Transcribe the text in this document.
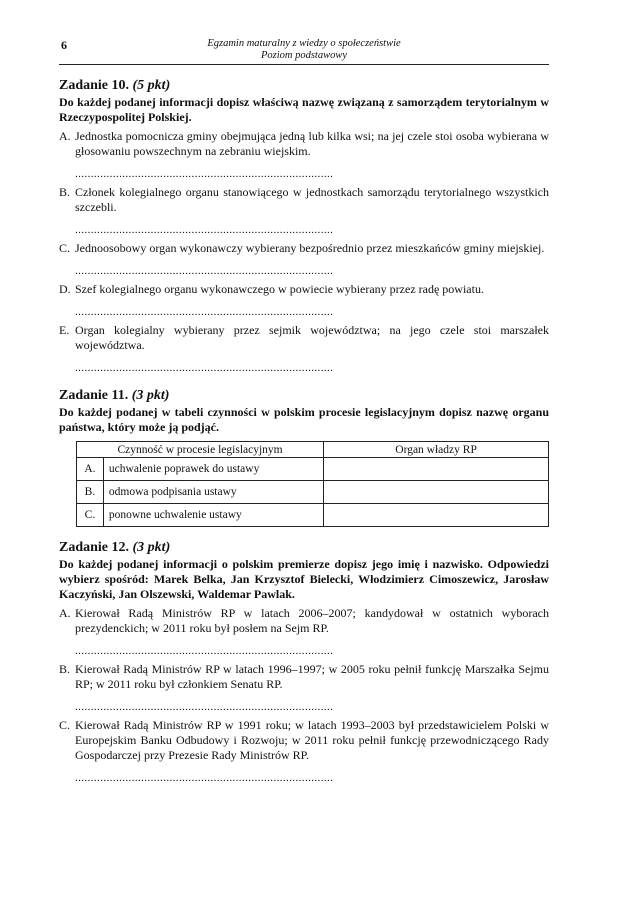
6	Egzamin maturalny z wiedzy o społeczeństwie
Poziom podstawowy
Zadanie 10. (5 pkt)
Do każdej podanej informacji dopisz właściwą nazwę związaną z samorządem terytorialnym w Rzeczypospolitej Polskiej.
A. Jednostka pomocnicza gminy obejmująca jedną lub kilka wsi; na jej czele stoi osoba wybierana w głosowaniu powszechnym na zebraniu wiejskim.
..................................................................................
B. Członek kolegialnego organu stanowiącego w jednostkach samorządu terytorialnego wszystkich szczebli.
..................................................................................
C. Jednoosobowy organ wykonawczy wybierany bezpośrednio przez mieszkańców gminy miejskiej.
..................................................................................
D. Szef kolegialnego organu wykonawczego w powiecie wybierany przez radę powiatu.
..................................................................................
E. Organ kolegialny wybierany przez sejmik województwa; na jego czele stoi marszałek województwa.
..................................................................................
Zadanie 11. (3 pkt)
Do każdej podanej w tabeli czynności w polskim procesie legislacyjnym dopisz nazwę organu państwa, który może ją podjąć.
Czynność w procesie legislacyjnym		Organ władzy RP
A.	uchwalenie poprawek do ustawy	
B.	odmowa podpisania ustawy	
C.	ponowne uchwalenie ustawy	
Zadanie 12. (3 pkt)
Do każdej podanej informacji o polskim premierze dopisz jego imię i nazwisko. Odpowiedzi wybierz spośród: Marek Belka, Jan Krzysztof Bielecki, Włodzimierz Cimoszewicz, Jarosław Kaczyński, Jan Olszewski, Waldemar Pawlak.
A. Kierował Radą Ministrów RP w latach 2006–2007; kandydował w ostatnich wyborach prezydenckich; w 2011 roku był posłem na Sejm RP.
..................................................................................
B. Kierował Radą Ministrów RP w latach 1996–1997; w 2005 roku pełnił funkcję Marszałka Sejmu RP; w 2011 roku był członkiem Senatu RP.
..................................................................................
C. Kierował Radą Ministrów RP w 1991 roku; w latach 1993–2003 był przedstawicielem Polski w Europejskim Banku Odbudowy i Rozwoju; w 2011 roku pełnił funkcję przewodniczącego Rady Gospodarczej przy Prezesie Rady Ministrów RP.
..................................................................................
